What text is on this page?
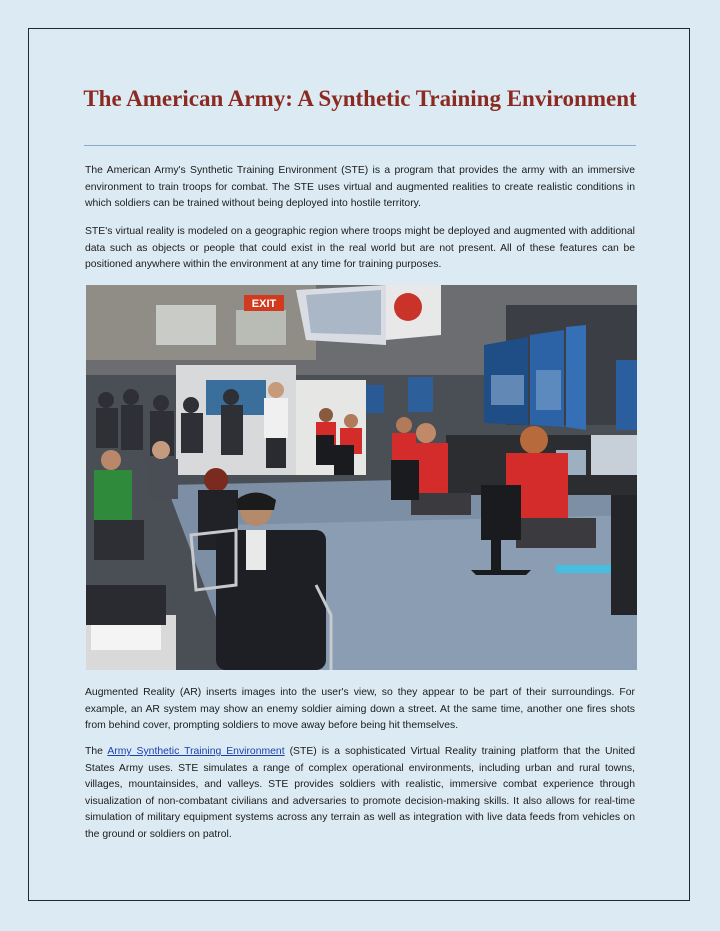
The American Army: A Synthetic Training Environment

The American Army's Synthetic Training Environment (STE) is a program that provides the army with an immersive environment to train troops for combat. The STE uses virtual and augmented realities to create realistic conditions in which soldiers can be trained without being deployed into hostile territory.

STE's virtual reality is modeled on a geographic region where troops might be deployed and augmented with additional data such as objects or people that could exist in the real world but are not present. All of these features can be positioned anywhere within the environment at any time for training purposes.

EXIT

Augmented Reality (AR) inserts images into the user's view, so they appear to be part of their surroundings. For example, an AR system may show an enemy soldier aiming down a street. At the same time, another one fires shots from behind cover, prompting soldiers to move away before being hit themselves.

The Army Synthetic Training Environment (STE) is a sophisticated Virtual Reality training platform that the United States Army uses. STE simulates a range of complex operational environments, including urban and rural towns, villages, mountainsides, and valleys. STE provides soldiers with realistic, immersive combat experience through visualization of non-combatant civilians and adversaries to promote decision-making skills. It also allows for real-time simulation of military equipment systems across any terrain as well as integration with live data feeds from vehicles on the ground or soldiers on patrol.
